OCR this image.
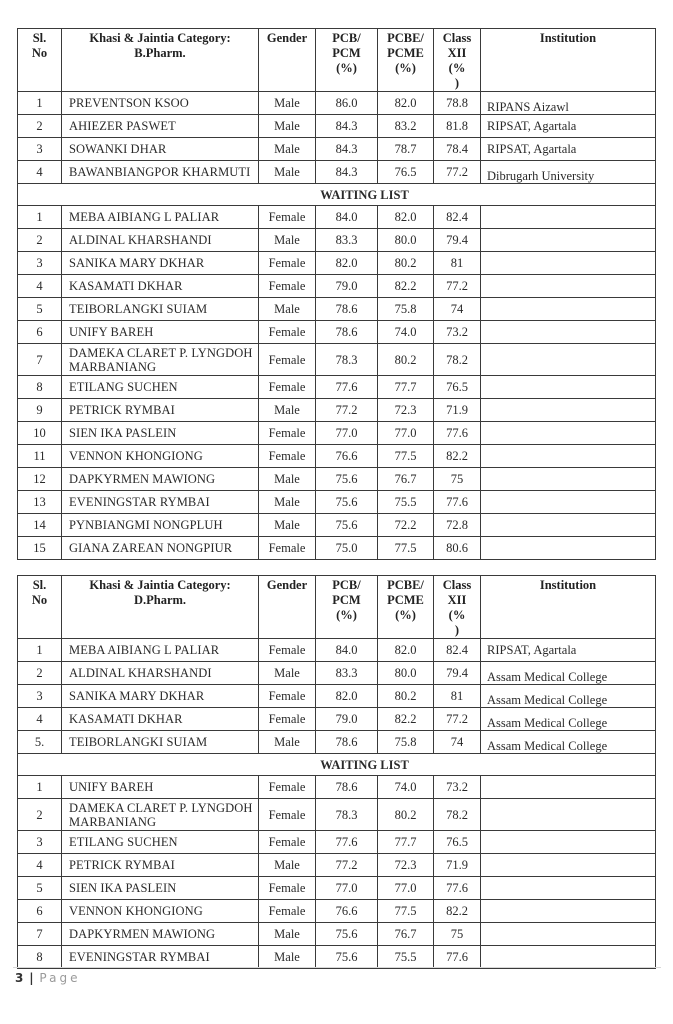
Sl.
No	Khasi & Jaintia Category:
B.Pharm.	Gender	PCB/
PCM
(%)	PCBE/
PCME
(%)	Class
XII
(%
)	Institution
1	PREVENTSON KSOO	Male	86.0	82.0	78.8	RIPANS Aizawl
2	AHIEZER PASWET	Male	84.3	83.2	81.8	RIPSAT, Agartala
3	SOWANKI DHAR	Male	84.3	78.7	78.4	RIPSAT, Agartala
4	BAWANBIANGPOR KHARMUTI	Male	84.3	76.5	77.2	Dibrugarh University
WAITING LIST						
1	MEBA AIBIANG L PALIAR	Female	84.0	82.0	82.4	
2	ALDINAL KHARSHANDI	Male	83.3	80.0	79.4	
3	SANIKA MARY DKHAR	Female	82.0	80.2	81	
4	KASAMATI DKHAR	Female	79.0	82.2	77.2	
5	TEIBORLANGKI SUIAM	Male	78.6	75.8	74	
6	UNIFY BAREH	Female	78.6	74.0	73.2	
7	DAMEKA CLARET P. LYNGDOH MARBANIANG	Female	78.3	80.2	78.2	
8	ETILANG SUCHEN	Female	77.6	77.7	76.5	
9	PETRICK RYMBAI	Male	77.2	72.3	71.9	
10	SIEN IKA PASLEIN	Female	77.0	77.0	77.6	
11	VENNON KHONGIONG	Female	76.6	77.5	82.2	
12	DAPKYRMEN MAWIONG	Male	75.6	76.7	75	
13	EVENINGSTAR RYMBAI	Male	75.6	75.5	77.6	
14	PYNBIANGMI NONGPLUH	Male	75.6	72.2	72.8	
15	GIANA ZAREAN NONGPIUR	Female	75.0	77.5	80.6	
Sl.
No	Khasi & Jaintia Category:
D.Pharm.	Gender	PCB/
PCM
(%)	PCBE/
PCME
(%)	Class
XII
(%
)	Institution
1	MEBA AIBIANG L PALIAR	Female	84.0	82.0	82.4	RIPSAT, Agartala
2	ALDINAL KHARSHANDI	Male	83.3	80.0	79.4	Assam Medical College
3	SANIKA MARY DKHAR	Female	82.0	80.2	81	Assam Medical College
4	KASAMATI DKHAR	Female	79.0	82.2	77.2	Assam Medical College
5.	TEIBORLANGKI SUIAM	Male	78.6	75.8	74	Assam Medical College
WAITING LIST						
1	UNIFY BAREH	Female	78.6	74.0	73.2	
2	DAMEKA CLARET P. LYNGDOH MARBANIANG	Female	78.3	80.2	78.2	
3	ETILANG SUCHEN	Female	77.6	77.7	76.5	
4	PETRICK RYMBAI	Male	77.2	72.3	71.9	
5	SIEN IKA PASLEIN	Female	77.0	77.0	77.6	
6	VENNON KHONGIONG	Female	76.6	77.5	82.2	
7	DAPKYRMEN MAWIONG	Male	75.6	76.7	75	
8	EVENINGSTAR RYMBAI	Male	75.6	75.5	77.6	
3 | Page
